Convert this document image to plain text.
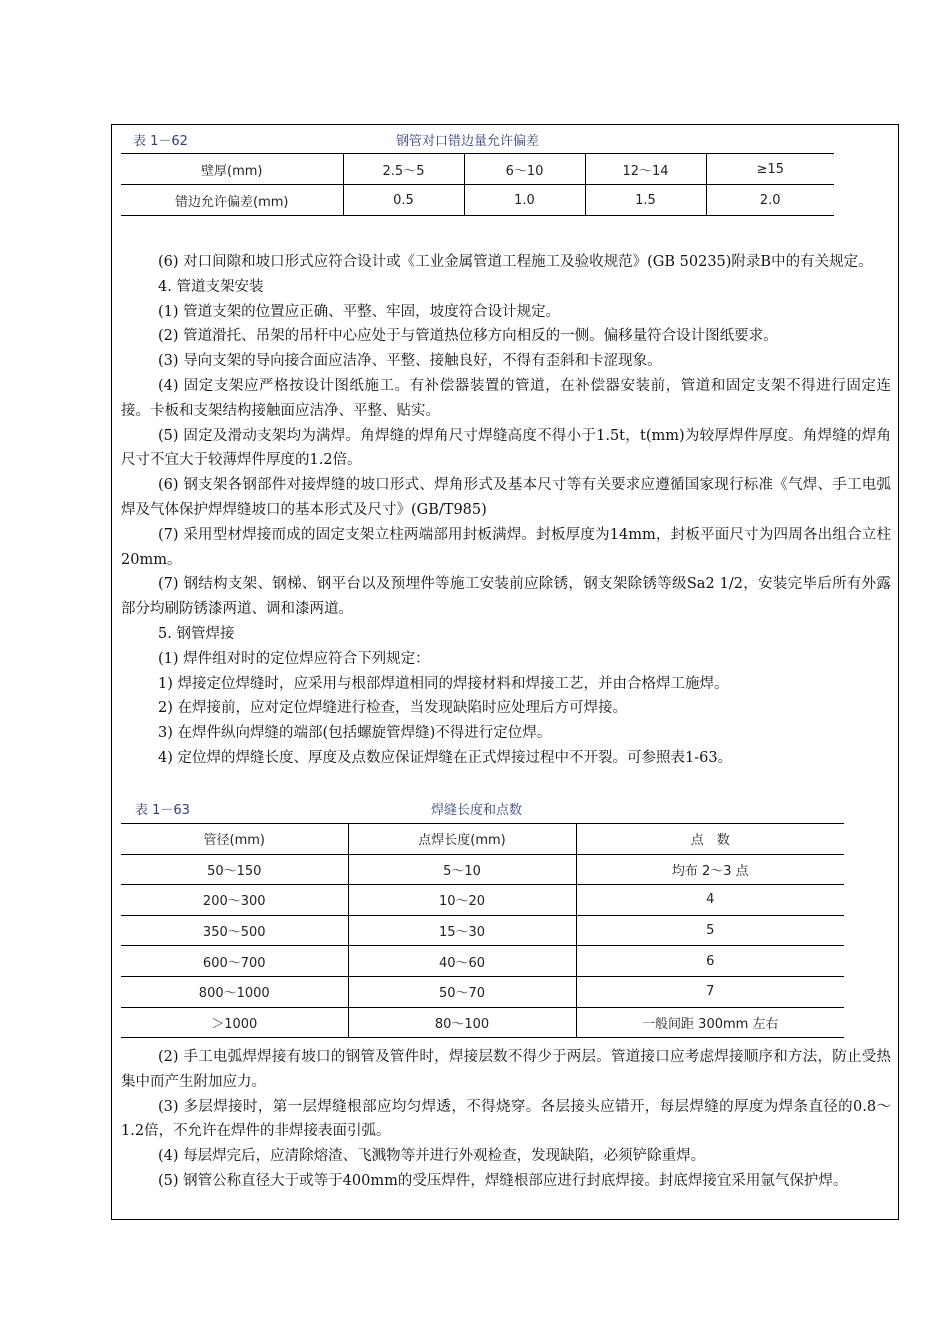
表 1－62	钢管对口错边量允许偏差
壁厚(mm)	2.5～5	6～10	12～14	≥15
错边允许偏差(mm)	0.5	1.0	1.5	2.0

(6) 对口间隙和坡口形式应符合设计或《工业金属管道工程施工及验收规范》(GB 50235)附录B中的有关规定。

4. 管道支架安装

(1) 管道支架的位置应正确、平整、牢固，坡度符合设计规定。

(2) 管道滑托、吊架的吊杆中心应处于与管道热位移方向相反的一侧。偏移量符合设计图纸要求。

(3) 导向支架的导向接合面应洁净、平整、接触良好，不得有歪斜和卡涩现象。

(4) 固定支架应严格按设计图纸施工。有补偿器装置的管道，在补偿器安装前，管道和固定支架不得进行固定连接。卡板和支架结构接触面应洁净、平整、贴实。

(5) 固定及滑动支架均为满焊。角焊缝的焊角尺寸焊缝高度不得小于1.5t，t(mm)为较厚焊件厚度。角焊缝的焊角尺寸不宜大于较薄焊件厚度的1.2倍。

(6) 钢支架各钢部件对接焊缝的坡口形式、焊角形式及基本尺寸等有关要求应遵循国家现行标准《气焊、手工电弧焊及气体保护焊焊缝坡口的基本形式及尺寸》(GB/T985)

(7) 采用型材焊接而成的固定支架立柱两端部用封板满焊。封板厚度为14mm，封板平面尺寸为四周各出组合立柱20mm。

(7) 钢结构支架、钢梯、钢平台以及预埋件等施工安装前应除锈，钢支架除锈等级Sa2 1/2，安装完毕后所有外露部分均刷防锈漆两道、调和漆两道。

5. 钢管焊接

(1) 焊件组对时的定位焊应符合下列规定：

1) 焊接定位焊缝时，应采用与根部焊道相同的焊接材料和焊接工艺，并由合格焊工施焊。

2) 在焊接前，应对定位焊缝进行检查，当发现缺陷时应处理后方可焊接。

3) 在焊件纵向焊缝的端部(包括螺旋管焊缝)不得进行定位焊。

4) 定位焊的焊缝长度、厚度及点数应保证焊缝在正式焊接过程中不开裂。可参照表1-63。

表 1－63	焊缝长度和点数
管径(mm)	点焊长度(mm)	点　数
50～150	5～10	均布 2～3 点
200～300	10～20	4
350～500	15～30	5
600～700	40～60	6
800～1000	50～70	7
＞1000	80～100	一般间距 300mm 左右

(2) 手工电弧焊焊接有坡口的钢管及管件时，焊接层数不得少于两层。管道接口应考虑焊接顺序和方法，防止受热集中而产生附加应力。

(3) 多层焊接时，第一层焊缝根部应均匀焊透，不得烧穿。各层接头应错开，每层焊缝的厚度为焊条直径的0.8～1.2倍，不允许在焊件的非焊接表面引弧。

(4) 每层焊完后，应清除熔渣、飞溅物等并进行外观检查，发现缺陷，必须铲除重焊。

(5) 钢管公称直径大于或等于400mm的受压焊件，焊缝根部应进行封底焊接。封底焊接宜采用氩气保护焊。
